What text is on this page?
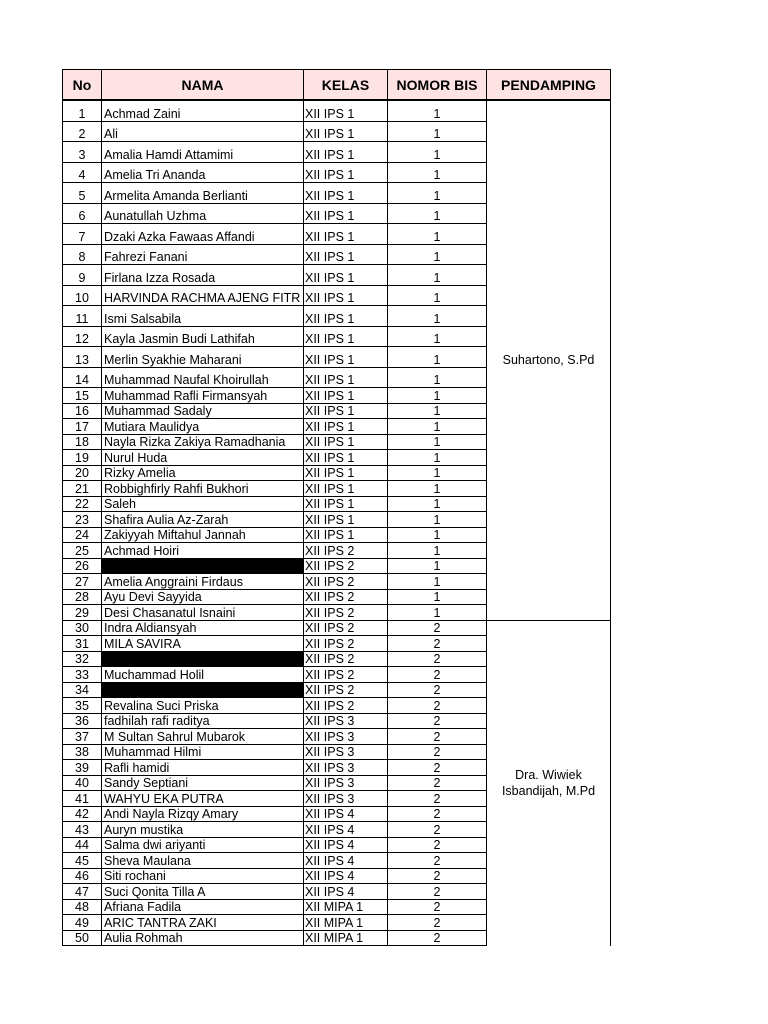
No	NAMA	KELAS	NOMOR BIS	PENDAMPING
1	Achmad Zaini	XII IPS 1	1	Suhartono, S.Pd
2	Ali	XII IPS 1	1	
3	Amalia Hamdi Attamimi	XII IPS 1	1	
4	Amelia Tri Ananda	XII IPS 1	1	
5	Armelita Amanda Berlianti	XII IPS 1	1	
6	Aunatullah Uzhma	XII IPS 1	1	
7	Dzaki Azka Fawaas Affandi	XII IPS 1	1	
8	Fahrezi Fanani	XII IPS 1	1	
9	Firlana Izza Rosada	XII IPS 1	1	
10	HARVINDA RACHMA AJENG FITR	XII IPS 1	1	
11	Ismi Salsabila	XII IPS 1	1	
12	Kayla Jasmin Budi Lathifah	XII IPS 1	1	
13	Merlin Syakhie Maharani	XII IPS 1	1	
14	Muhammad Naufal Khoirullah	XII IPS 1	1	
15	Muhammad Rafli Firmansyah	XII IPS 1	1	
16	Muhammad Sadaly	XII IPS 1	1	
17	Mutiara Maulidya	XII IPS 1	1	
18	Nayla Rizka Zakiya Ramadhania	XII IPS 1	1	
19	Nurul Huda	XII IPS 1	1	
20	Rizky Amelia	XII IPS 1	1	
21	Robbighfirly Rahfi Bukhori	XII IPS 1	1	
22	Saleh	XII IPS 1	1	
23	Shafira Aulia Az-Zarah	XII IPS 1	1	
24	Zakiyyah Miftahul Jannah	XII IPS 1	1	
25	Achmad Hoiri	XII IPS 2	1	
26		XII IPS 2	1	
27	Amelia Anggraini Firdaus	XII IPS 2	1	
28	Ayu Devi Sayyida	XII IPS 2	1	
29	Desi Chasanatul Isnaini	XII IPS 2	1	
30	Indra Aldiansyah	XII IPS 2	2	Dra. Wiwiek Isbandijah, M.Pd
31	MILA SAVIRA	XII IPS 2	2	
32		XII IPS 2	2	
33	Muchammad Holil	XII IPS 2	2	
34		XII IPS 2	2	
35	Revalina Suci Priska	XII IPS 2	2	
36	fadhilah rafi raditya	XII IPS 3	2	
37	M Sultan Sahrul Mubarok	XII IPS 3	2	
38	Muhammad Hilmi	XII IPS 3	2	
39	Rafli hamidi	XII IPS 3	2	
40	Sandy Septiani	XII IPS 3	2	
41	WAHYU EKA PUTRA	XII IPS 3	2	
42	Andi Nayla Rizqy Amary	XII IPS 4	2	
43	Auryn mustika	XII IPS 4	2	
44	Salma dwi ariyanti	XII IPS 4	2	
45	Sheva Maulana	XII IPS 4	2	
46	Siti rochani	XII IPS 4	2	
47	Suci Qonita Tilla A	XII IPS 4	2	
48	Afriana Fadila	XII MIPA 1	2	
49	ARIC TANTRA ZAKI	XII MIPA 1	2	
50	Aulia Rohmah	XII MIPA 1	2	
